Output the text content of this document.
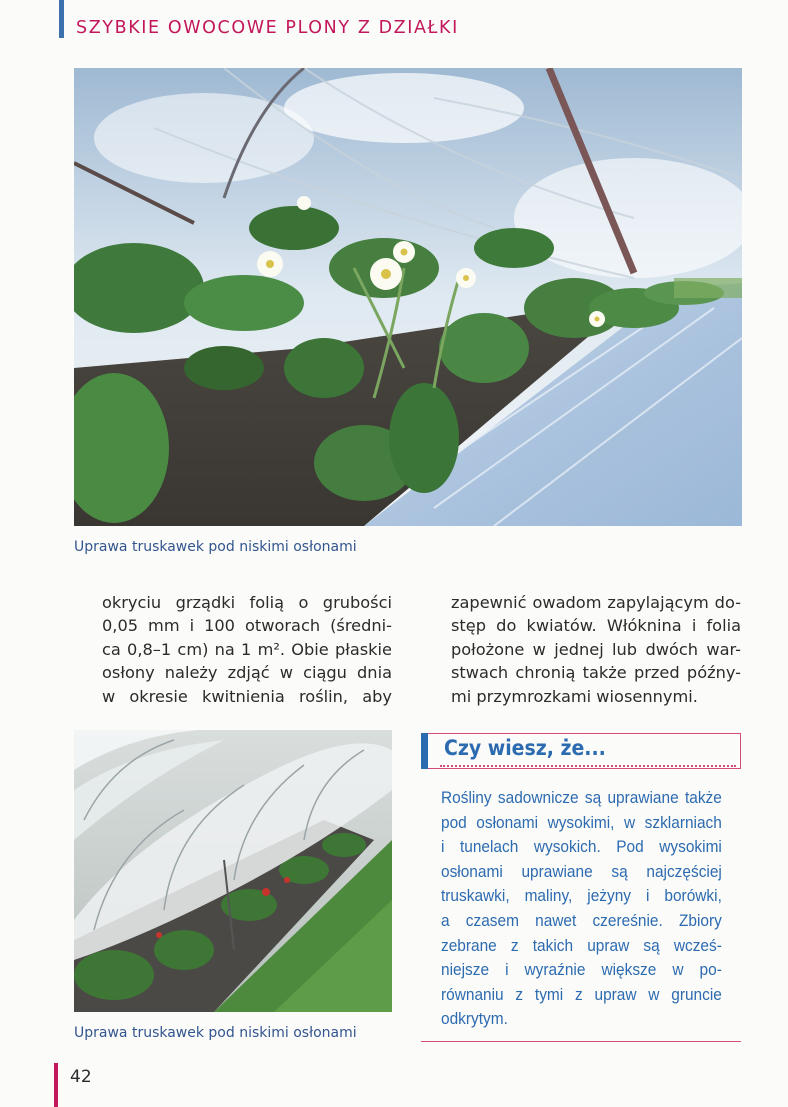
SZYBKIE OWOCOWE PLONY Z DZIAŁKI
Uprawa truskawek pod niskimi osłonami
okryciu grządki folią o grubości
0,05 mm i 100 otworach (średni-
ca 0,8–1 cm) na 1 m². Obie płaskie
osłony należy zdjąć w ciągu dnia
w okresie kwitnienia roślin, aby
zapewnić owadom zapylającym do-
stęp do kwiatów. Włóknina i folia
położone w jednej lub dwóch war-
stwach chronią także przed późny-
mi przymrozkami wiosennymi.
Uprawa truskawek pod niskimi osłonami
Czy wiesz, że...
Rośliny sadownicze są uprawiane także
pod osłonami wysokimi, w szklarniach
i tunelach wysokich. Pod wysokimi
osłonami uprawiane są najczęściej
truskawki, maliny, jeżyny i borówki,
a czasem nawet czereśnie. Zbiory
zebrane z takich upraw są wcześ-
niejsze i wyraźnie większe w po-
równaniu z tymi z upraw w gruncie
odkrytym.
42
